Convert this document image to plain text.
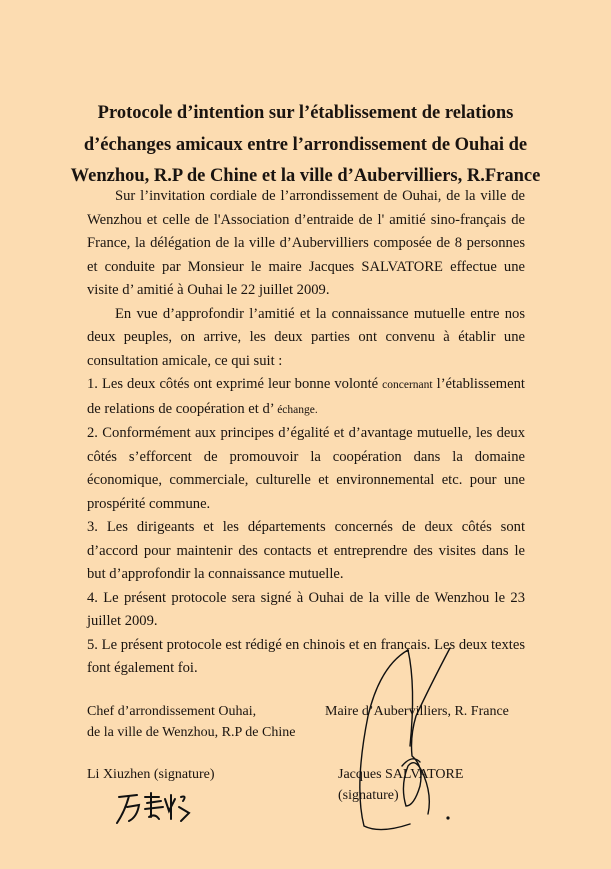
Protocole d’intention sur l’établissement de relations
d’échanges amicaux entre l’arrondissement de Ouhai de
Wenzhou, R.P de Chine et la ville d’Aubervilliers, R.France

Sur l’invitation cordiale de l’arrondissement de Ouhai, de la ville de Wenzhou et celle de l'Association d’entraide de l' amitié sino-français de France, la délégation de la ville d’Aubervilliers composée de 8 personnes et conduite par Monsieur le maire Jacques SALVATORE effectue une visite d’ amitié à Ouhai le 22 juillet 2009.

En vue d’approfondir l’amitié et la connaissance mutuelle entre nos deux peuples, on arrive, les deux parties ont convenu à établir une consultation amicale, ce qui suit :

1. Les deux côtés ont exprimé leur bonne volonté concernant l’établissement de relations de coopération et d’ échange.

2. Conformément aux principes d’égalité et d’avantage mutuelle, les deux côtés s’efforcent de promouvoir la coopération dans la domaine économique, commerciale, culturelle et environnemental etc. pour une prospérité commune.

3. Les dirigeants et les départements concernés de deux côtés sont d’accord pour maintenir des contacts et entreprendre des visites dans le but d’approfondir la connaissance mutuelle.

4. Le présent protocole sera signé à Ouhai de la ville de Wenzhou le 23 juillet 2009.

5. Le présent protocole est rédigé en chinois et en français. Les deux textes font également foi.

Chef d’arrondissement Ouhai,
de la ville de Wenzhou, R.P de Chine
Li Xiuzhen (signature)
Maire d’Aubervilliers, R. France
Jacques SALVATORE (signature)
